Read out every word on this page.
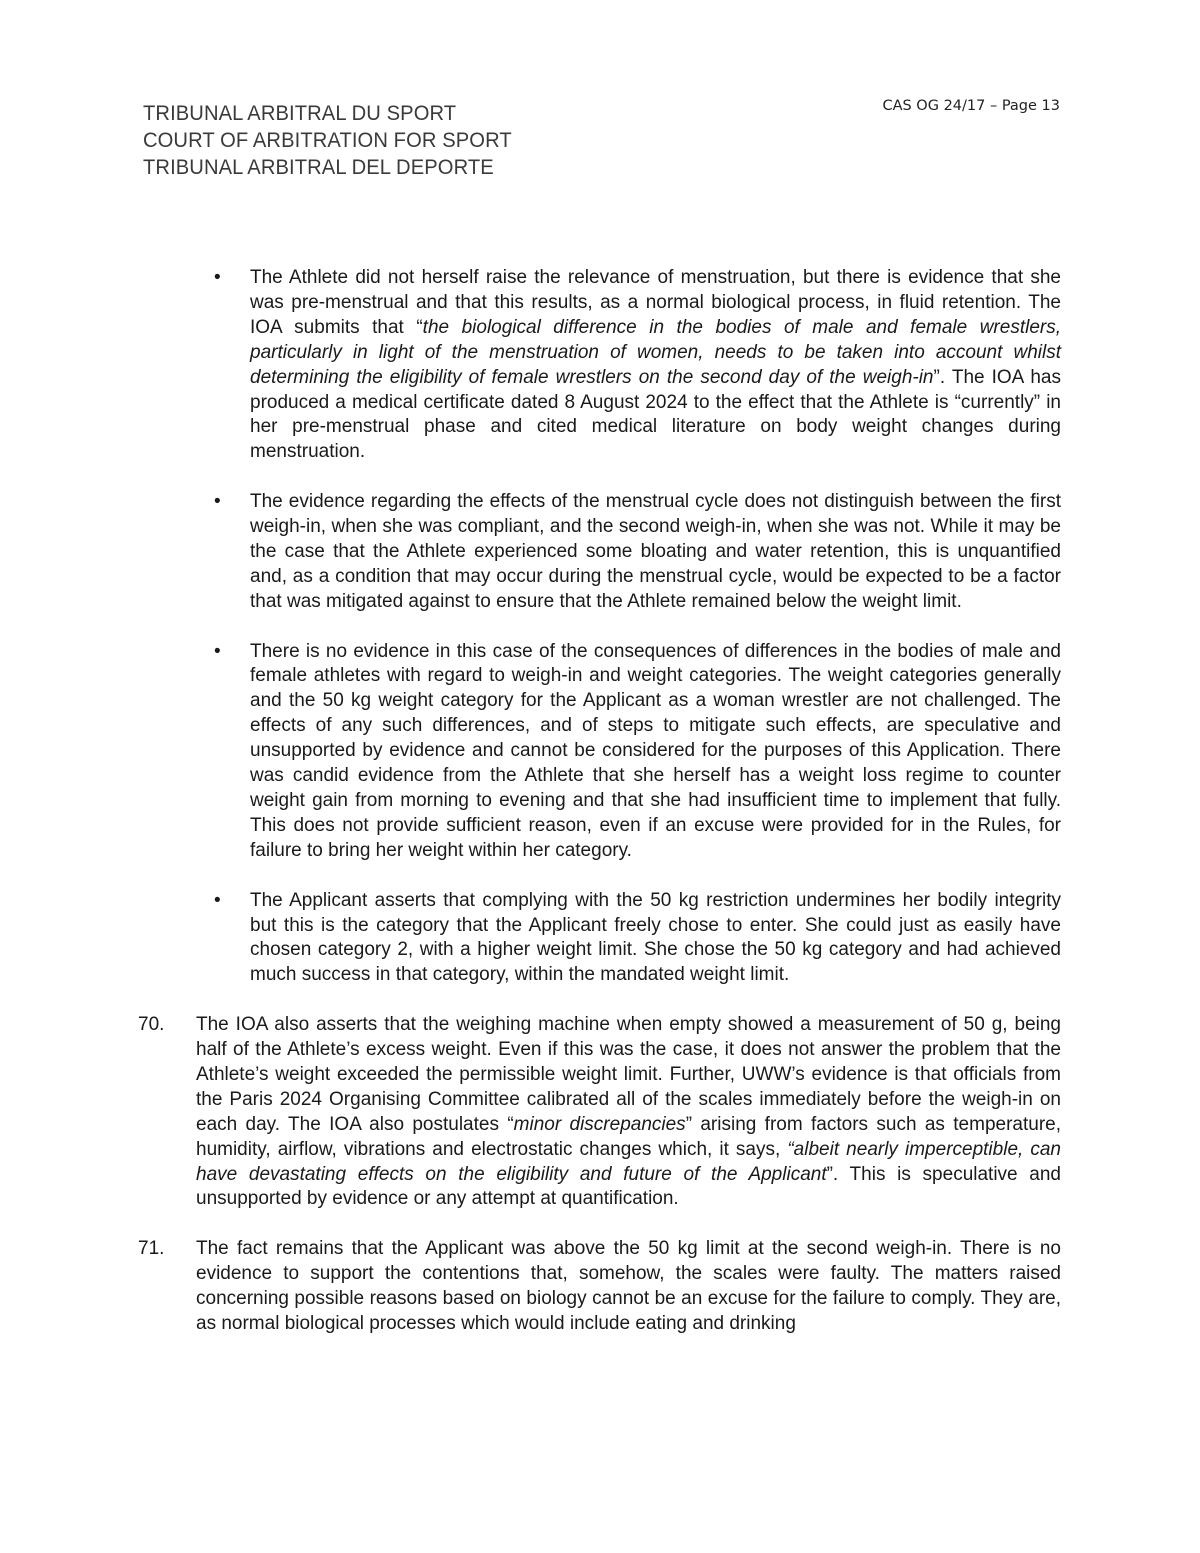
TRIBUNAL ARBITRAL DU SPORT
COURT OF ARBITRATION FOR SPORT
TRIBUNAL ARBITRAL DEL DEPORTE
CAS OG 24/17 – Page 13
• The Athlete did not herself raise the relevance of menstruation, but there is evidence that she was pre-menstrual and that this results, as a normal biological process, in fluid retention. The IOA submits that “the biological difference in the bodies of male and female wrestlers, particularly in light of the menstruation of women, needs to be taken into account whilst determining the eligibility of female wrestlers on the second day of the weigh-in”. The IOA has produced a medical certificate dated 8 August 2024 to the effect that the Athlete is “currently” in her pre-menstrual phase and cited medical literature on body weight changes during menstruation.
• The evidence regarding the effects of the menstrual cycle does not distinguish between the first weigh-in, when she was compliant, and the second weigh-in, when she was not. While it may be the case that the Athlete experienced some bloating and water retention, this is unquantified and, as a condition that may occur during the menstrual cycle, would be expected to be a factor that was mitigated against to ensure that the Athlete remained below the weight limit.
• There is no evidence in this case of the consequences of differences in the bodies of male and female athletes with regard to weigh-in and weight categories. The weight categories generally and the 50 kg weight category for the Applicant as a woman wrestler are not challenged. The effects of any such differences, and of steps to mitigate such effects, are speculative and unsupported by evidence and cannot be considered for the purposes of this Application. There was candid evidence from the Athlete that she herself has a weight loss regime to counter weight gain from morning to evening and that she had insufficient time to implement that fully. This does not provide sufficient reason, even if an excuse were provided for in the Rules, for failure to bring her weight within her category.
• The Applicant asserts that complying with the 50 kg restriction undermines her bodily integrity but this is the category that the Applicant freely chose to enter. She could just as easily have chosen category 2, with a higher weight limit. She chose the 50 kg category and had achieved much success in that category, within the mandated weight limit.
70. The IOA also asserts that the weighing machine when empty showed a measurement of 50 g, being half of the Athlete’s excess weight. Even if this was the case, it does not answer the problem that the Athlete’s weight exceeded the permissible weight limit. Further, UWW’s evidence is that officials from the Paris 2024 Organising Committee calibrated all of the scales immediately before the weigh-in on each day. The IOA also postulates “minor discrepancies” arising from factors such as temperature, humidity, airflow, vibrations and electrostatic changes which, it says, “albeit nearly imperceptible, can have devastating effects on the eligibility and future of the Applicant”. This is speculative and unsupported by evidence or any attempt at quantification.
71. The fact remains that the Applicant was above the 50 kg limit at the second weigh-in. There is no evidence to support the contentions that, somehow, the scales were faulty. The matters raised concerning possible reasons based on biology cannot be an excuse for the failure to comply. They are, as normal biological processes which would include eating and drinking
